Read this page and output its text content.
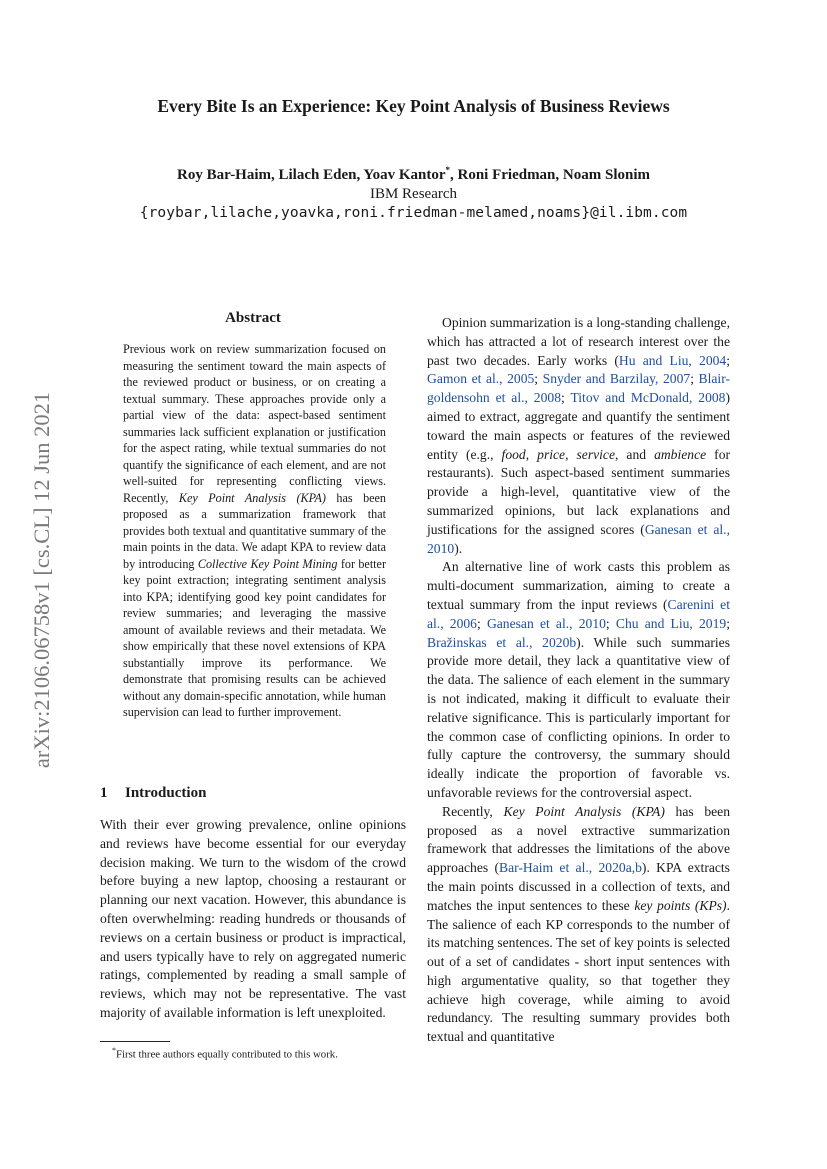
Every Bite Is an Experience: Key Point Analysis of Business Reviews
Roy Bar-Haim, Lilach Eden, Yoav Kantor*, Roni Friedman, Noam Slonim
IBM Research
{roybar,lilache,yoavka,roni.friedman-melamed,noams}@il.ibm.com
arXiv:2106.06758v1 [cs.CL] 12 Jun 2021
Abstract
Previous work on review summarization focused on measuring the sentiment toward the main aspects of the reviewed product or business, or on creating a textual summary. These approaches provide only a partial view of the data: aspect-based sentiment summaries lack sufficient explanation or justification for the aspect rating, while textual summaries do not quantify the significance of each element, and are not well-suited for representing conflicting views. Recently, Key Point Analysis (KPA) has been proposed as a summarization framework that provides both textual and quantitative summary of the main points in the data. We adapt KPA to review data by introducing Collective Key Point Mining for better key point extraction; integrating sentiment analysis into KPA; identifying good key point candidates for review summaries; and leveraging the massive amount of available reviews and their metadata. We show empirically that these novel extensions of KPA substantially improve its performance. We demonstrate that promising results can be achieved without any domain-specific annotation, while human supervision can lead to further improvement.
1 Introduction

With their ever growing prevalence, online opinions and reviews have become essential for our everyday decision making. We turn to the wisdom of the crowd before buying a new laptop, choosing a restaurant or planning our next vacation. However, this abundance is often overwhelming: reading hundreds or thousands of reviews on a certain business or product is impractical, and users typically have to rely on aggregated numeric ratings, complemented by reading a small sample of reviews, which may not be representative. The vast majority of available information is left unexploited.

Opinion summarization is a long-standing challenge, which has attracted a lot of research interest over the past two decades. Early works (Hu and Liu, 2004; Gamon et al., 2005; Snyder and Barzilay, 2007; Blair-goldensohn et al., 2008; Titov and McDonald, 2008) aimed to extract, aggregate and quantify the sentiment toward the main aspects or features of the reviewed entity (e.g., food, price, service, and ambience for restaurants). Such aspect-based sentiment summaries provide a high-level, quantitative view of the summarized opinions, but lack explanations and justifications for the assigned scores (Ganesan et al., 2010).

An alternative line of work casts this problem as multi-document summarization, aiming to create a textual summary from the input reviews (Carenini et al., 2006; Ganesan et al., 2010; Chu and Liu, 2019; Bražinskas et al., 2020b). While such summaries provide more detail, they lack a quantitative view of the data. The salience of each element in the summary is not indicated, making it difficult to evaluate their relative significance. This is particularly important for the common case of conflicting opinions. In order to fully capture the controversy, the summary should ideally indicate the proportion of favorable vs. unfavorable reviews for the controversial aspect.

Recently, Key Point Analysis (KPA) has been proposed as a novel extractive summarization framework that addresses the limitations of the above approaches (Bar-Haim et al., 2020a,b). KPA extracts the main points discussed in a collection of texts, and matches the input sentences to these key points (KPs). The salience of each KP corresponds to the number of its matching sentences. The set of key points is selected out of a set of candidates - short input sentences with high argumentative quality, so that together they achieve high coverage, while aiming to avoid redundancy. The resulting summary provides both textual and quantitative

*First three authors equally contributed to this work.
